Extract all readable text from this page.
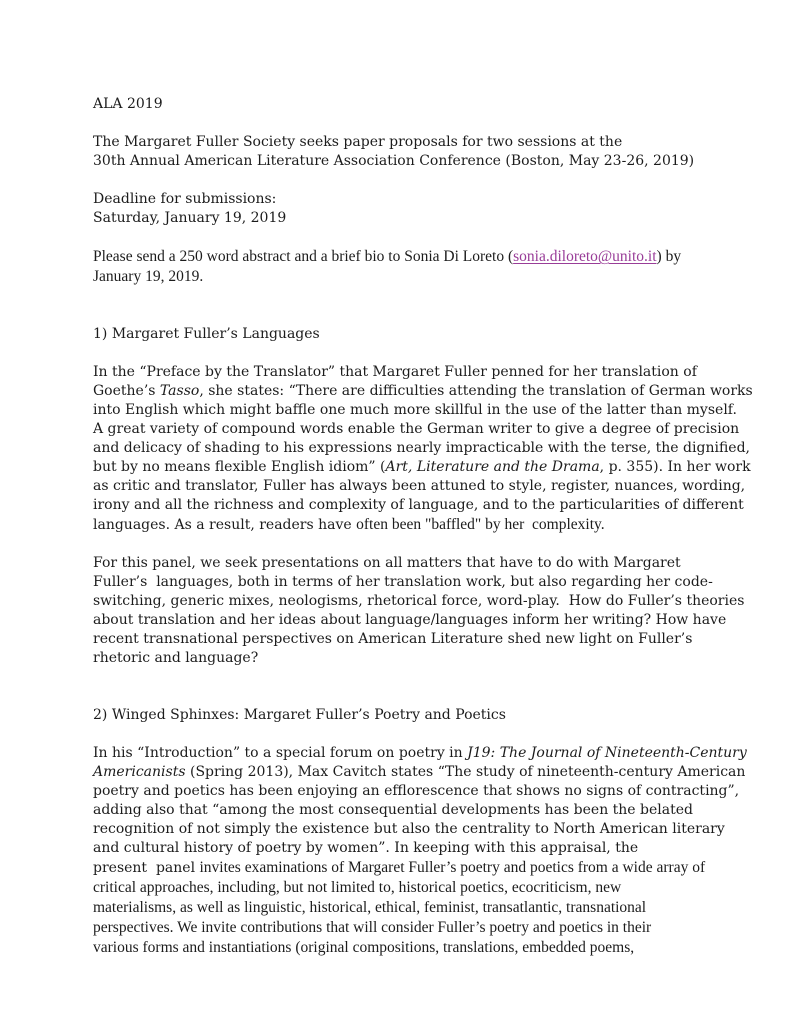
ALA 2019
The Margaret Fuller Society seeks paper proposals for two sessions at the
30th Annual American Literature Association Conference (Boston, May 23-26, 2019)
Deadline for submissions:
Saturday, January 19, 2019
Please send a 250 word abstract and a brief bio to Sonia Di Loreto (sonia.diloreto@unito.it) by
January 19, 2019.
1) Margaret Fuller’s Languages
In the “Preface by the Translator” that Margaret Fuller penned for her translation of
Goethe’s Tasso, she states: “There are difficulties attending the translation of German works
into English which might baffle one much more skillful in the use of the latter than myself.
A great variety of compound words enable the German writer to give a degree of precision
and delicacy of shading to his expressions nearly impracticable with the terse, the dignified,
but by no means flexible English idiom” (Art, Literature and the Drama, p. 355). In her work
as critic and translator, Fuller has always been attuned to style, register, nuances, wording,
irony and all the richness and complexity of language, and to the particularities of different
languages. As a result, readers have often been "baffled" by her  complexity.
For this panel, we seek presentations on all matters that have to do with Margaret
Fuller’s  languages, both in terms of her translation work, but also regarding her code-
switching, generic mixes, neologisms, rhetorical force, word-play.  How do Fuller’s theories
about translation and her ideas about language/languages inform her writing? How have
recent transnational perspectives on American Literature shed new light on Fuller’s
rhetoric and language?
2) Winged Sphinxes: Margaret Fuller’s Poetry and Poetics
In his “Introduction” to a special forum on poetry in J19: The Journal of Nineteenth-Century
Americanists (Spring 2013), Max Cavitch states “The study of nineteenth-century American
poetry and poetics has been enjoying an efflorescence that shows no signs of contracting”,
adding also that “among the most consequential developments has been the belated
recognition of not simply the existence but also the centrality to North American literary
and cultural history of poetry by women”. In keeping with this appraisal, the
present  panel invites examinations of Margaret Fuller’s poetry and poetics from a wide array of
critical approaches, including, but not limited to, historical poetics, ecocriticism, new
materialisms, as well as linguistic, historical, ethical, feminist, transatlantic, transnational
perspectives. We invite contributions that will consider Fuller’s poetry and poetics in their
various forms and instantiations (original compositions, translations, embedded poems,
